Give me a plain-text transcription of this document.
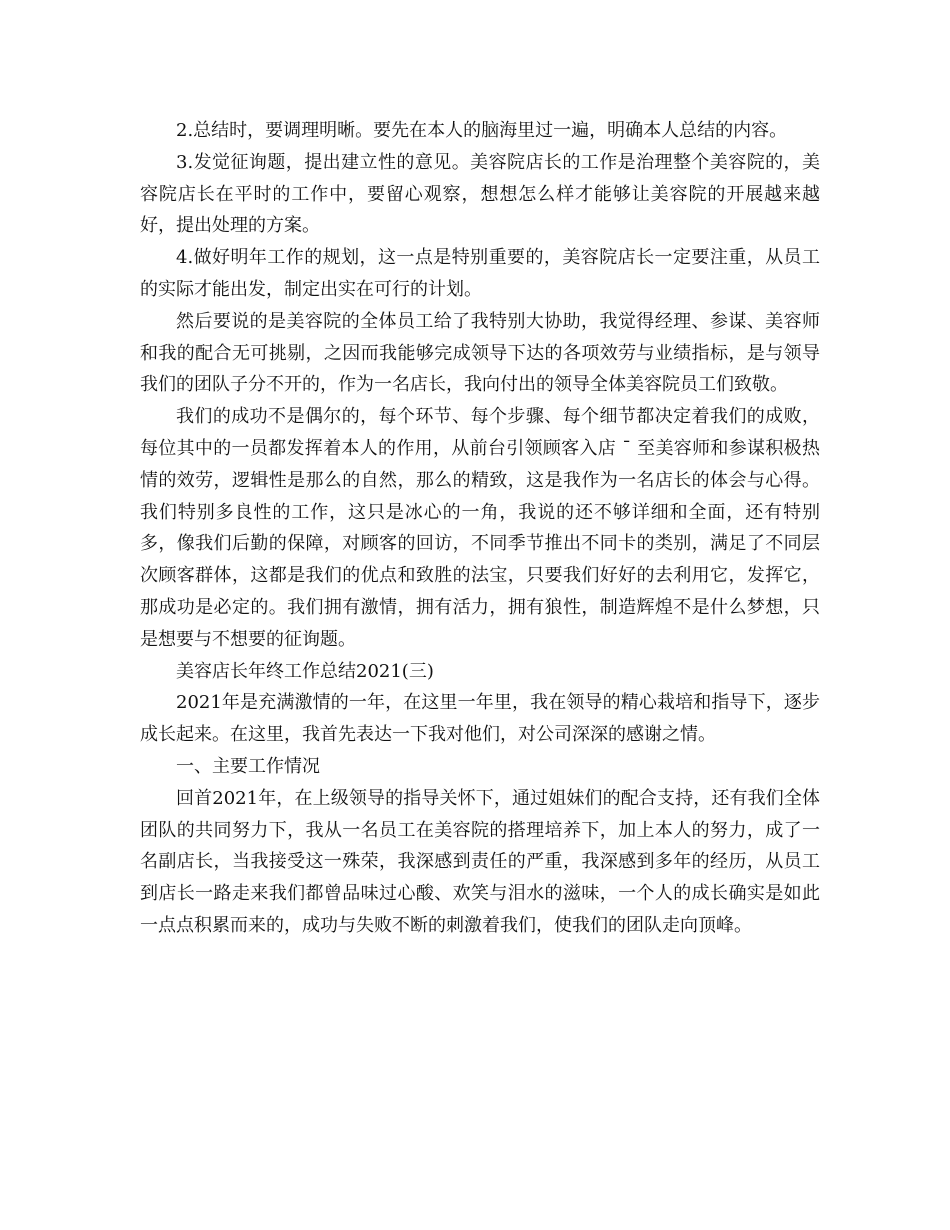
2.总结时，要调理明晰。要先在本人的脑海里过一遍，明确本人总结的内容。

3.发觉征询题，提出建立性的意见。美容院店长的工作是治理整个美容院的，美容院店长在平时的工作中，要留心观察，想想怎么样才能够让美容院的开展越来越好，提出处理的方案。

4.做好明年工作的规划，这一点是特别重要的，美容院店长一定要注重，从员工的实际才能出发，制定出实在可行的计划。

然后要说的是美容院的全体员工给了我特别大协助，我觉得经理、参谋、美容师和我的配合无可挑剔，之因而我能够完成领导下达的各项效劳与业绩指标，是与领导我们的团队子分不开的，作为一名店长，我向付出的领导全体美容院员工们致敬。

我们的成功不是偶尔的，每个环节、每个步骤、每个细节都决定着我们的成败，每位其中的一员都发挥着本人的作用，从前台引领顾客入店 ¯ 至美容师和参谋积极热情的效劳，逻辑性是那么的自然，那么的精致，这是我作为一名店长的体会与心得。我们特别多良性的工作，这只是冰心的一角，我说的还不够详细和全面，还有特别多，像我们后勤的保障，对顾客的回访，不同季节推出不同卡的类别，满足了不同层次顾客群体，这都是我们的优点和致胜的法宝，只要我们好好的去利用它，发挥它，那成功是必定的。我们拥有激情，拥有活力，拥有狼性，制造辉煌不是什么梦想，只是想要与不想要的征询题。

美容店长年终工作总结2021(三)

2021年是充满激情的一年，在这里一年里，我在领导的精心栽培和指导下，逐步成长起来。在这里，我首先表达一下我对他们，对公司深深的感谢之情。

一、主要工作情况

回首2021年，在上级领导的指导关怀下，通过姐妹们的配合支持，还有我们全体团队的共同努力下，我从一名员工在美容院的搭理培养下，加上本人的努力，成了一名副店长，当我接受这一殊荣，我深感到责任的严重，我深感到多年的经历，从员工到店长一路走来我们都曾品味过心酸、欢笑与泪水的滋味，一个人的成长确实是如此一点点积累而来的，成功与失败不断的刺激着我们，使我们的团队走向顶峰。
